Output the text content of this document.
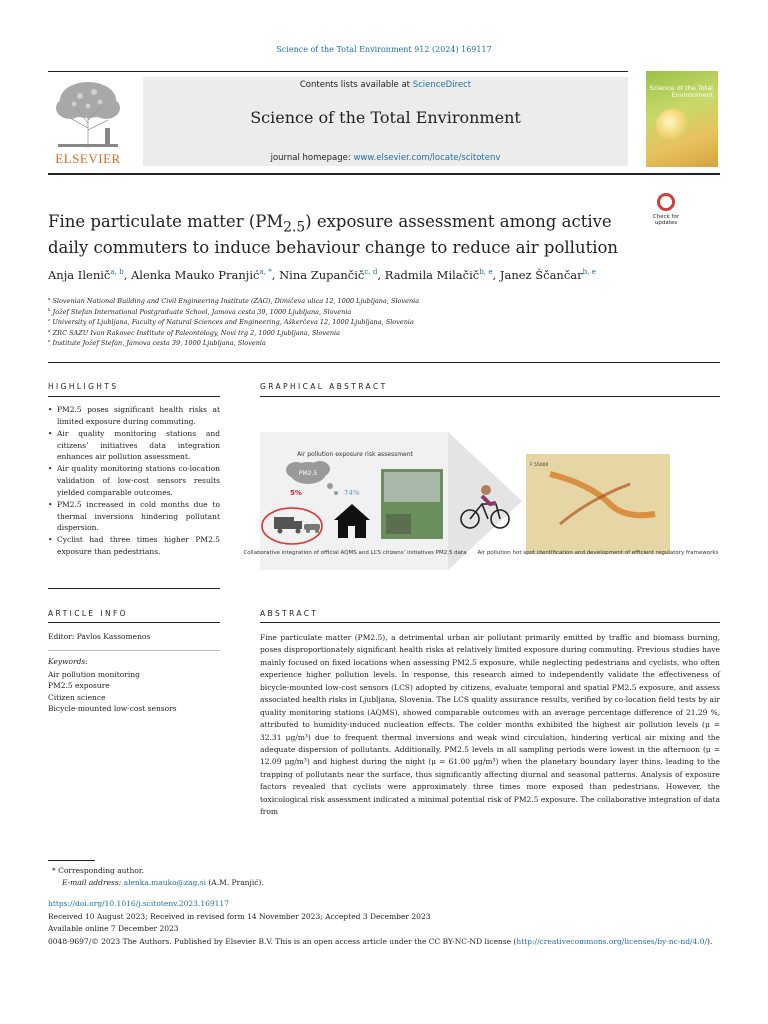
Science of the Total Environment 912 (2024) 169117
ELSEVIER
Contents lists available at ScienceDirect
Science of the Total Environment
journal homepage: www.elsevier.com/locate/scitotenv
Science of the Total Environment
Fine particulate matter $(PM_{2.5})$ exposure assessment among active daily commuters to induce behaviour change to reduce air pollution
Check for updates
Anja Ilenič$^{a, b}$, Alenka Mauko Pranjić$^{a, *}$, Nina Zupančič$^{c, d}$, Radmila Milačič$^{b, e}$, Janez Ščančar$^{b, e}$
$^a$ Slovenian National Building and Civil Engineering Institute (ZAG), Dimičeva ulica 12, 1000 Ljubljana, Slovenia
$^b$ Jožef Stefan International Postgraduate School, Jamova cesta 39, 1000 Ljubljana, Slovenia
$^c$ University of Ljubljana, Faculty of Natural Sciences and Engineering, Aškerčeva 12, 1000 Ljubljana, Slovenia
$^d$ ZRC SAZU Ivan Rakovec Institute of Paleontology, Novi trg 2, 1000 Ljubljana, Slovenia
$^e$ Institute Jožef Stefan, Jamova cesta 39, 1000 Ljubljana, Slovenia
HIGHLIGHTS
• PM2.5 poses significant health risks at limited exposure during commuting.
• Air quality monitoring stations and citizens’ initiatives data integration enhances air pollution assessment.
• Air quality monitoring stations co-location validation of low-cost sensors results yielded comparable outcomes.
• PM2.5 increased in cold months due to thermal inversions hindering pollutant dispersion.
• Cyclist had three times higher PM2.5 exposure than pedestrians.
GRAPHICAL ABSTRACT
Air pollution exposure risk assessment
PM2.5
5%	74%
Collaborative integration of official AQMS and LCS citizens’ initiatives PM2.5 data
F 55000
Air pollution hot spot identification and development of efficient regulatory frameworks
ARTICLE INFO
Editor: Pavlos Kassomenos
Keywords:
Air pollution monitoring
PM2.5 exposure
Citizen science
Bicycle-mounted low-cost sensors
ABSTRACT
Fine particulate matter (PM2.5), a detrimental urban air pollutant primarily emitted by traffic and biomass burning, poses disproportionately significant health risks at relatively limited exposure during commuting. Previous studies have mainly focused on fixed locations when assessing PM2.5 exposure, while neglecting pedestrians and cyclists, who often experience higher pollution levels. In response, this research aimed to independently validate the effectiveness of bicycle-mounted low-cost sensors (LCS) adopted by citizens, evaluate temporal and spatial PM2.5 exposure, and assess associated health risks in Ljubljana, Slovenia. The LCS quality assurance results, verified by co-location field tests by air quality monitoring stations (AQMS), showed comparable outcomes with an average percentage difference of 21.29 %, attributed to humidity-induced nucleation effects. The colder months exhibited the highest air pollution levels (μ = 32.31 μg/m³) due to frequent thermal inversions and weak wind circulation, hindering vertical air mixing and the adequate dispersion of pollutants. Additionally, PM2.5 levels in all sampling periods were lowest in the afternoon (μ = 12.09 μg/m³) and highest during the night (μ = 61.00 μg/m³) when the planetary boundary layer thins, leading to the trapping of pollutants near the surface, thus significantly affecting diurnal and seasonal patterns. Analysis of exposure factors revealed that cyclists were approximately three times more exposed than pedestrians. However, the toxicological risk assessment indicated a minimal potential risk of PM2.5 exposure. The collaborative integration of data from
* Corresponding author.
E-mail address: alenka.mauko@zag.si (A.M. Pranjić).
https://doi.org/10.1016/j.scitotenv.2023.169117
Received 10 August 2023; Received in revised form 14 November 2023; Accepted 3 December 2023
Available online 7 December 2023
0048-9697/© 2023 The Authors. Published by Elsevier B.V. This is an open access article under the CC BY-NC-ND license (http://creativecommons.org/licenses/by-nc-nd/4.0/).
